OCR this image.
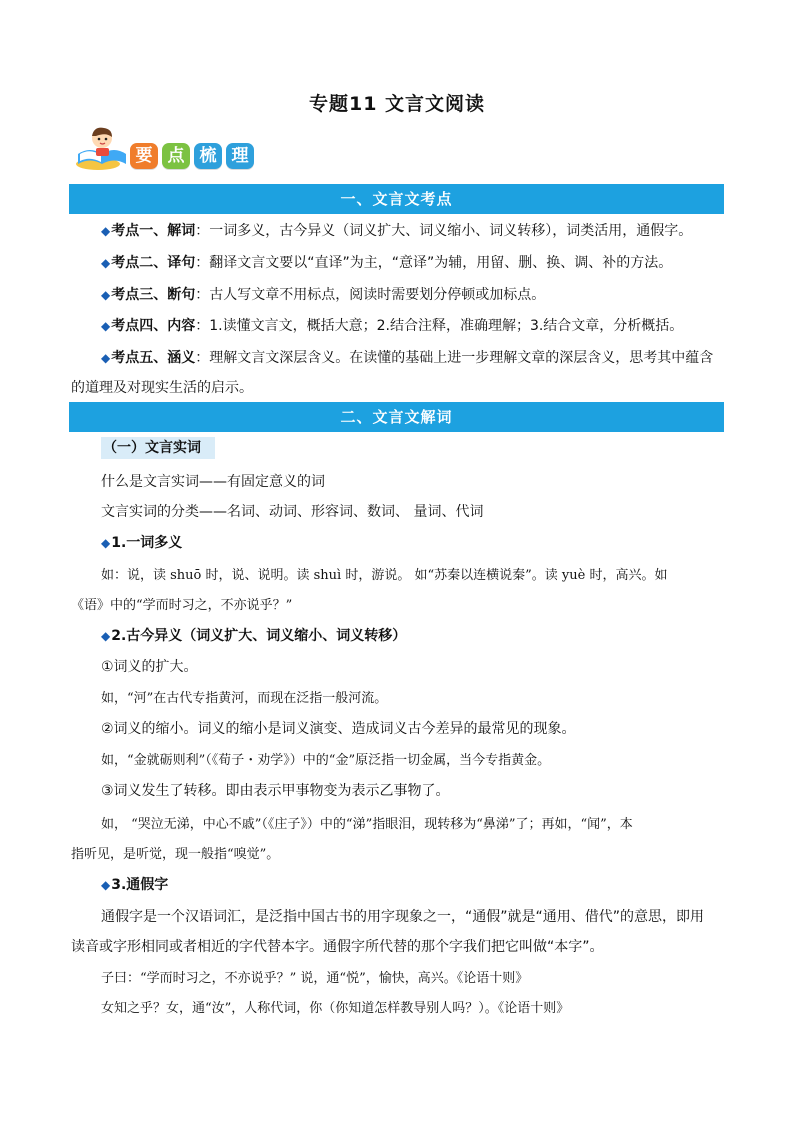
专题11 文言文阅读
要 点 梳 理
一、文言文考点
◆考点一、解词：一词多义，古今异义（词义扩大、词义缩小、词义转移），词类活用，通假字。
◆考点二、译句：翻译文言文要以“直译”为主，“意译”为辅，用留、删、换、调、补的方法。
◆考点三、断句：古人写文章不用标点，阅读时需要划分停顿或加标点。
◆考点四、内容：1.读懂文言文，概括大意；2.结合注释，准确理解；3.结合文章，分析概括。
◆考点五、涵义：理解文言文深层含义。在读懂的基础上进一步理解文章的深层含义，思考其中蕴含
的道理及对现实生活的启示。
二、文言文解词
（一）文言实词
什么是文言实词——有固定意义的词
文言实词的分类——名词、动词、形容词、数词、 量词、代词
◆1.一词多义
如：说，读 shuō 时，说、说明。读 shuì 时，游说。 如“苏秦以连横说秦”。读 yuè 时，高兴。如
《语》中的“学而时习之，不亦说乎？”
◆2.古今异义（词义扩大、词义缩小、词义转移）
①词义的扩大。
如，“河”在古代专指黄河，而现在泛指一般河流。
②词义的缩小。词义的缩小是词义演变、造成词义古今差异的最常见的现象。
如，“金就砺则利”（《荀子・劝学》）中的“金”原泛指一切金属，当今专指黄金。
③词义发生了转移。即由表示甲事物变为表示乙事物了。
如， “哭泣无涕，中心不戚”（《庄子》）中的“涕”指眼泪，现转移为“鼻涕”了；再如，“闻”，本
指听见，是听觉，现一般指“嗅觉”。
◆3.通假字
通假字是一个汉语词汇，是泛指中国古书的用字现象之一，“通假”就是“通用、借代”的意思，即用
读音或字形相同或者相近的字代替本字。通假字所代替的那个字我们把它叫做“本字”。
子曰：“学而时习之，不亦说乎？” 说，通“悦”，愉快，高兴。《论语十则》
女知之乎？女，通“汝”，人称代词，你（你知道怎样教导别人吗？）。《论语十则》
